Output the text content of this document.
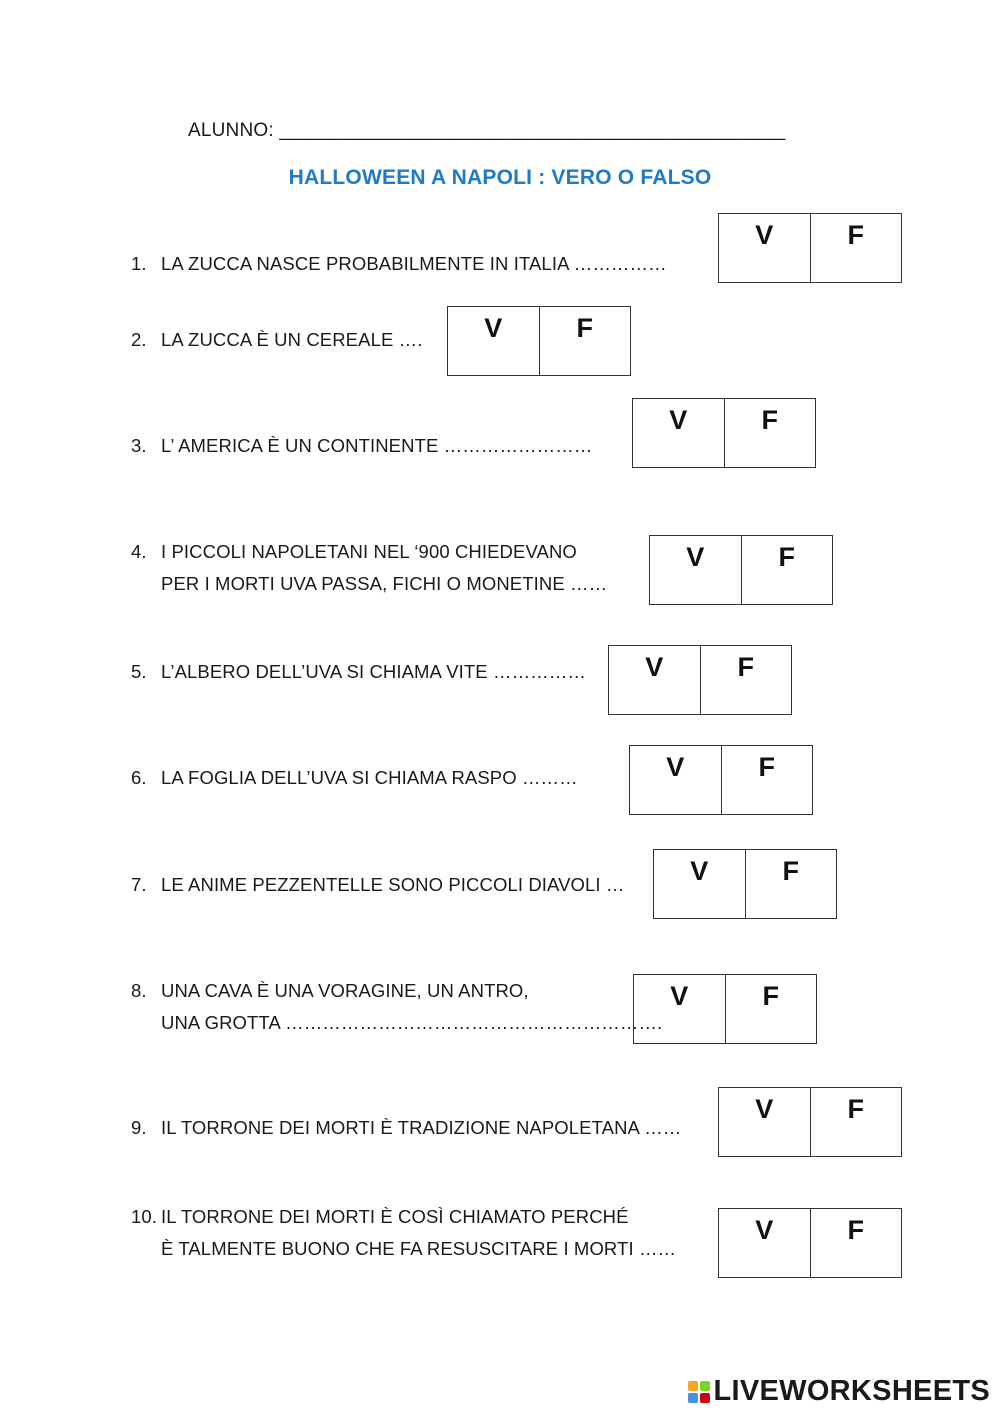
ALUNNO: _______________________________________________
HALLOWEEN A NAPOLI : VERO O FALSO
1. LA ZUCCA NASCE PROBABILMENTE IN ITALIA ……………
V	F
2. LA ZUCCA È UN CEREALE ….	V	F
3. L’ AMERICA È UN CONTINENTE ……………………
V	F
4. I PICCOLI NAPOLETANI NEL ‘900 CHIEDEVANO
PER I MORTI UVA PASSA, FICHI O MONETINE ……
V	F
5. L’ALBERO DELL’UVA SI CHIAMA VITE ……………	V	F
6. LA FOGLIA DELL’UVA SI CHIAMA RASPO ………	V	F
7. LE ANIME PEZZENTELLE SONO PICCOLI DIAVOLI …	V	F
8. UNA CAVA È UNA VORAGINE, UN ANTRO,
UNA GROTTA …………………………………………………….
V	F
9. IL TORRONE DEI MORTI È TRADIZIONE NAPOLETANA ……
V	F
10. IL TORRONE DEI MORTI È COSÌ CHIAMATO PERCHÉ
È TALMENTE BUONO CHE FA RESUSCITARE I MORTI ……
V	F
LIVEWORKSHEETS
